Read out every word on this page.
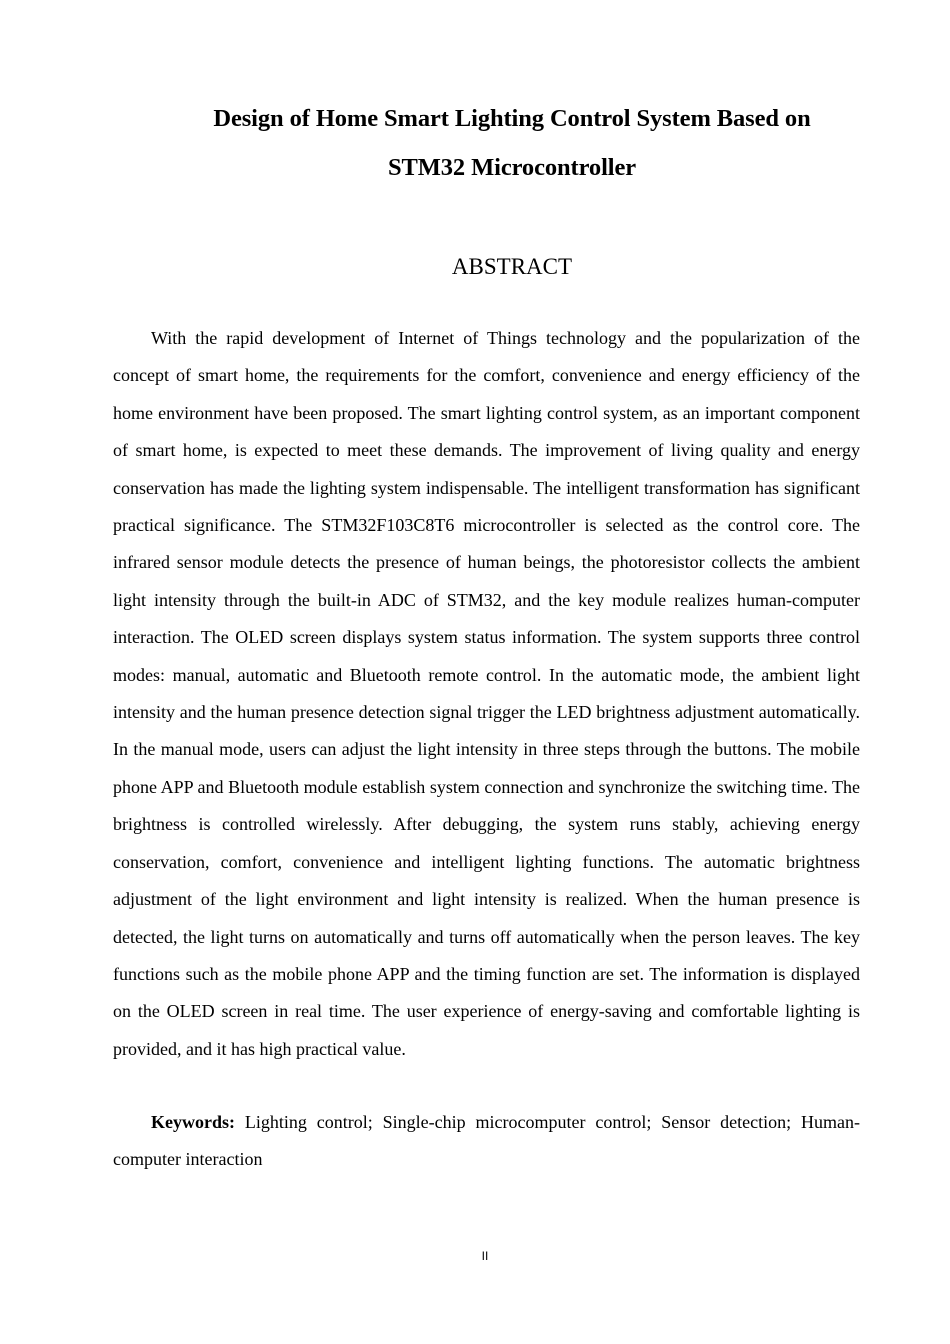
Design of Home Smart Lighting Control System Based on
STM32 Microcontroller
ABSTRACT

With the rapid development of Internet of Things technology and the popularization of the concept of smart home, the requirements for the comfort, convenience and energy efficiency of the home environment have been proposed. The smart lighting control system, as an important component of smart home, is expected to meet these demands. The improvement of living quality and energy conservation has made the lighting system indispensable. The intelligent transformation has significant practical significance. The STM32F103C8T6 microcontroller is selected as the control core. The infrared sensor module detects the presence of human beings, the photoresistor collects the ambient light intensity through the built-in ADC of STM32, and the key module realizes human-computer interaction. The OLED screen displays system status information. The system supports three control modes: manual, automatic and Bluetooth remote control. In the automatic mode, the ambient light intensity and the human presence detection signal trigger the LED brightness adjustment automatically. In the manual mode, users can adjust the light intensity in three steps through the buttons. The mobile phone APP and Bluetooth module establish system connection and synchronize the switching time. The brightness is controlled wirelessly. After debugging, the system runs stably, achieving energy conservation, comfort, convenience and intelligent lighting functions. The automatic brightness adjustment of the light environment and light intensity is realized. When the human presence is detected, the light turns on automatically and turns off automatically when the person leaves. The key functions such as the mobile phone APP and the timing function are set. The information is displayed on the OLED screen in real time. The user experience of energy-saving and comfortable lighting is provided, and it has high practical value.

Keywords: Lighting control; Single-chip microcomputer control; Sensor detection; Human-computer interaction

II
